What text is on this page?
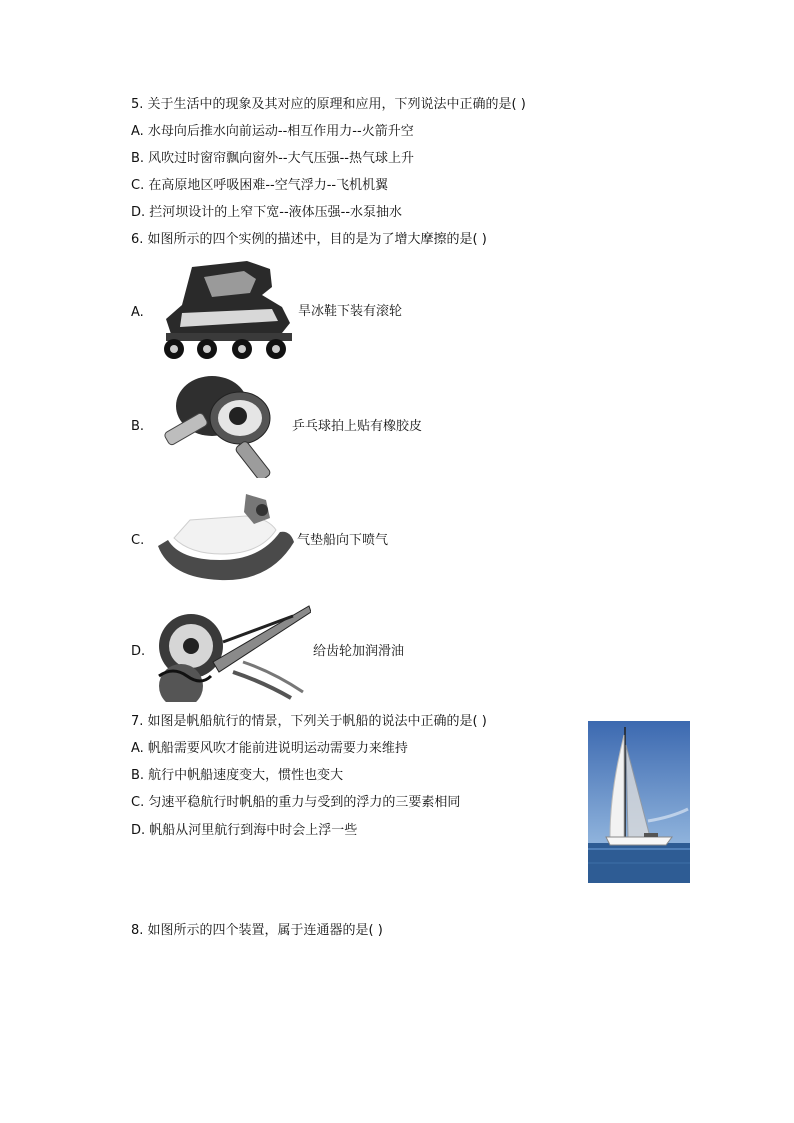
5. 关于生活中的现象及其对应的原理和应用，下列说法中正确的是( )
A. 水母向后推水向前运动--相互作用力--火箭升空
B. 风吹过时窗帘飘向窗外--大气压强--热气球上升
C. 在高原地区呼吸困难--空气浮力--飞机机翼
D. 拦河坝设计的上窄下宽--液体压强--水泵抽水
6. 如图所示的四个实例的描述中，目的是为了增大摩擦的是( )
A.	旱冰鞋下装有滚轮
B.	乒乓球拍上贴有橡胶皮
C.	气垫船向下喷气
D.	给齿轮加润滑油
7. 如图是帆船航行的情景，下列关于帆船的说法中正确的是( )
A. 帆船需要风吹才能前进说明运动需要力来维持
B. 航行中帆船速度变大，惯性也变大
C. 匀速平稳航行时帆船的重力与受到的浮力的三要素相同
D. 帆船从河里航行到海中时会上浮一些
8. 如图所示的四个装置，属于连通器的是( )
